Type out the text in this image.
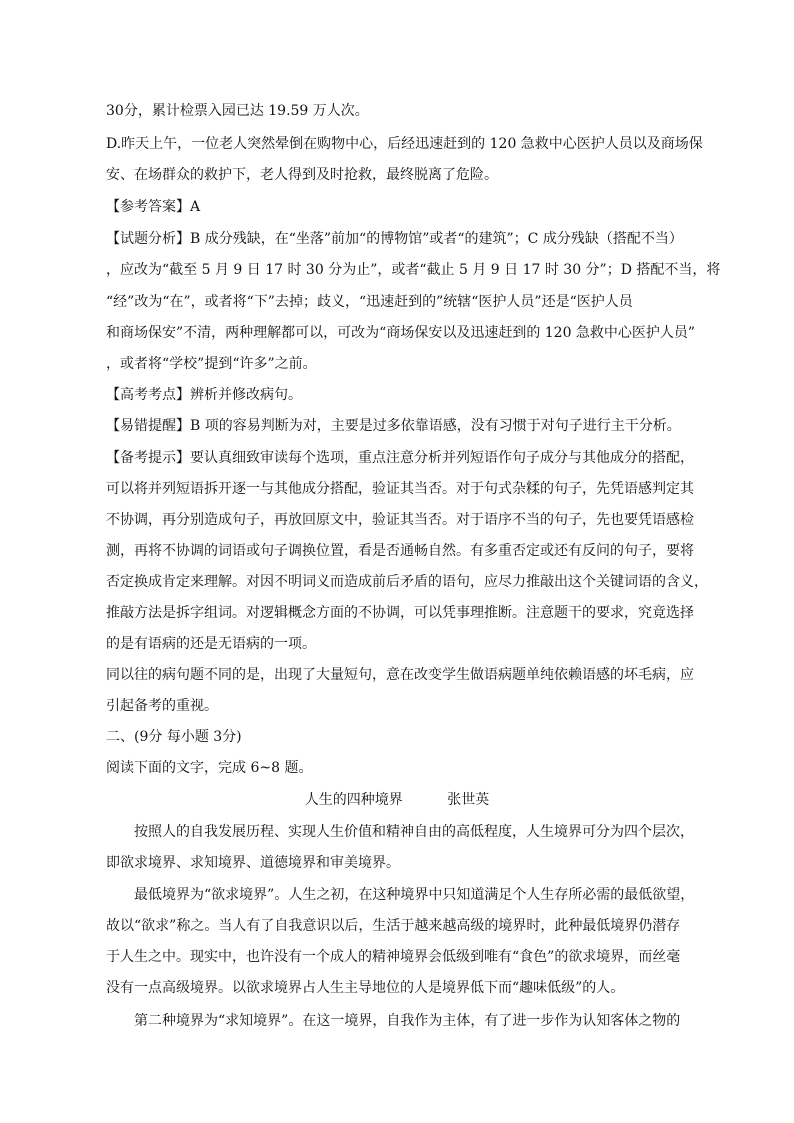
30分，累计检票入园已达 19.59 万人次。
D.昨天上午，一位老人突然晕倒在购物中心，后经迅速赶到的 120 急救中心医护人员以及商场保
安、在场群众的救护下，老人得到及时抢救，最终脱离了危险。
【参考答案】A
【试题分析】B 成分残缺，在“坐落”前加“的博物馆”或者“的建筑”；C 成分残缺（搭配不当）
，应改为“截至 5 月 9 日 17 时 30 分为止”，或者“截止 5 月 9 日 17 时 30 分”；D 搭配不当，将
“经”改为“在”，或者将“下”去掉；歧义，“迅速赶到的”统辖“医护人员”还是“医护人员
和商场保安”不清，两种理解都可以，可改为“商场保安以及迅速赶到的 120 急救中心医护人员”
，或者将“学校”提到“许多”之前。
【高考考点】辨析并修改病句。
【易错提醒】B 项的容易判断为对，主要是过多依靠语感，没有习惯于对句子进行主干分析。
【备考提示】要认真细致审读每个选项，重点注意分析并列短语作句子成分与其他成分的搭配，
可以将并列短语拆开逐一与其他成分搭配，验证其当否。对于句式杂糅的句子，先凭语感判定其
不协调，再分别造成句子，再放回原文中，验证其当否。对于语序不当的句子，先也要凭语感检
测，再将不协调的词语或句子调换位置，看是否通畅自然。有多重否定或还有反问的句子，要将
否定换成肯定来理解。对因不明词义而造成前后矛盾的语句，应尽力推敲出这个关键词语的含义，
推敲方法是拆字组词。对逻辑概念方面的不协调，可以凭事理推断。注意题干的要求，究竟选择
的是有语病的还是无语病的一项。
同以往的病句题不同的是，出现了大量短句，意在改变学生做语病题单纯依赖语感的坏毛病，应
引起备考的重视。
二、(9分 每小题 3分)
阅读下面的文字，完成 6~8 题。
人生的四种境界	张世英
按照人的自我发展历程、实现人生价值和精神自由的高低程度，人生境界可分为四个层次，
即欲求境界、求知境界、道德境界和审美境界。
最低境界为“欲求境界”。人生之初，在这种境界中只知道满足个人生存所必需的最低欲望，
故以“欲求”称之。当人有了自我意识以后，生活于越来越高级的境界时，此种最低境界仍潜存
于人生之中。现实中，也许没有一个成人的精神境界会低级到唯有“食色”的欲求境界，而丝毫
没有一点高级境界。以欲求境界占人生主导地位的人是境界低下而“趣味低级”的人。
第二种境界为“求知境界”。在这一境界，自我作为主体，有了进一步作为认知客体之物的
